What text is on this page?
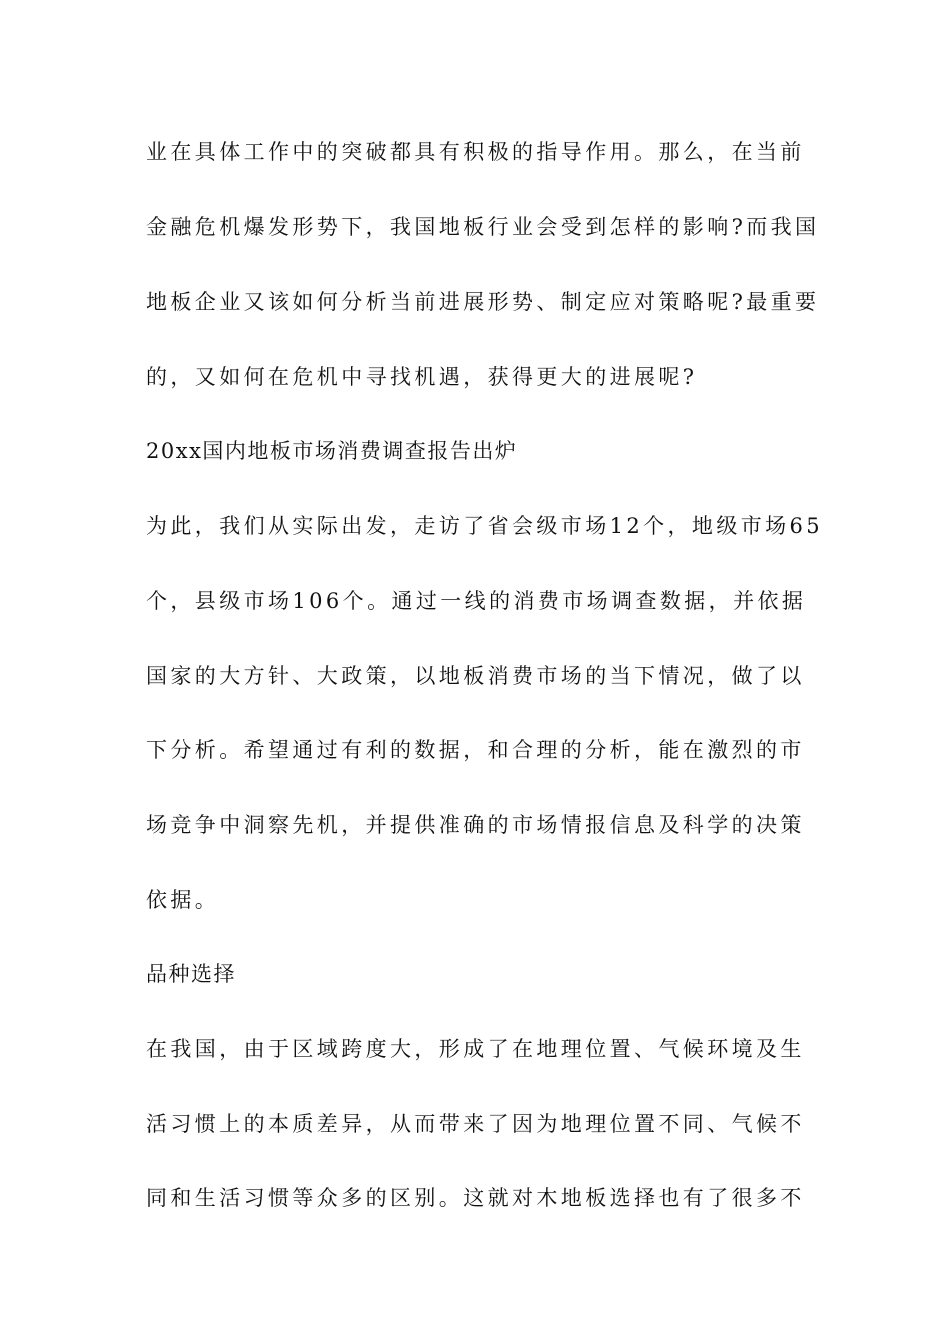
业在具体工作中的突破都具有积极的指导作用。那么，在当前
金融危机爆发形势下，我国地板行业会受到怎样的影响?而我国
地板企业又该如何分析当前进展形势、制定应对策略呢?最重要
的，又如何在危机中寻找机遇，获得更大的进展呢?
20xx国内地板市场消费调查报告出炉
为此，我们从实际出发，走访了省会级市场12个，地级市场65
个，县级市场106个。通过一线的消费市场调查数据，并依据
国家的大方针、大政策，以地板消费市场的当下情况，做了以
下分析。希望通过有利的数据，和合理的分析，能在激烈的市
场竞争中洞察先机，并提供准确的市场情报信息及科学的决策
依据。
品种选择
在我国，由于区域跨度大，形成了在地理位置、气候环境及生
活习惯上的本质差异，从而带来了因为地理位置不同、气候不
同和生活习惯等众多的区别。这就对木地板选择也有了很多不
